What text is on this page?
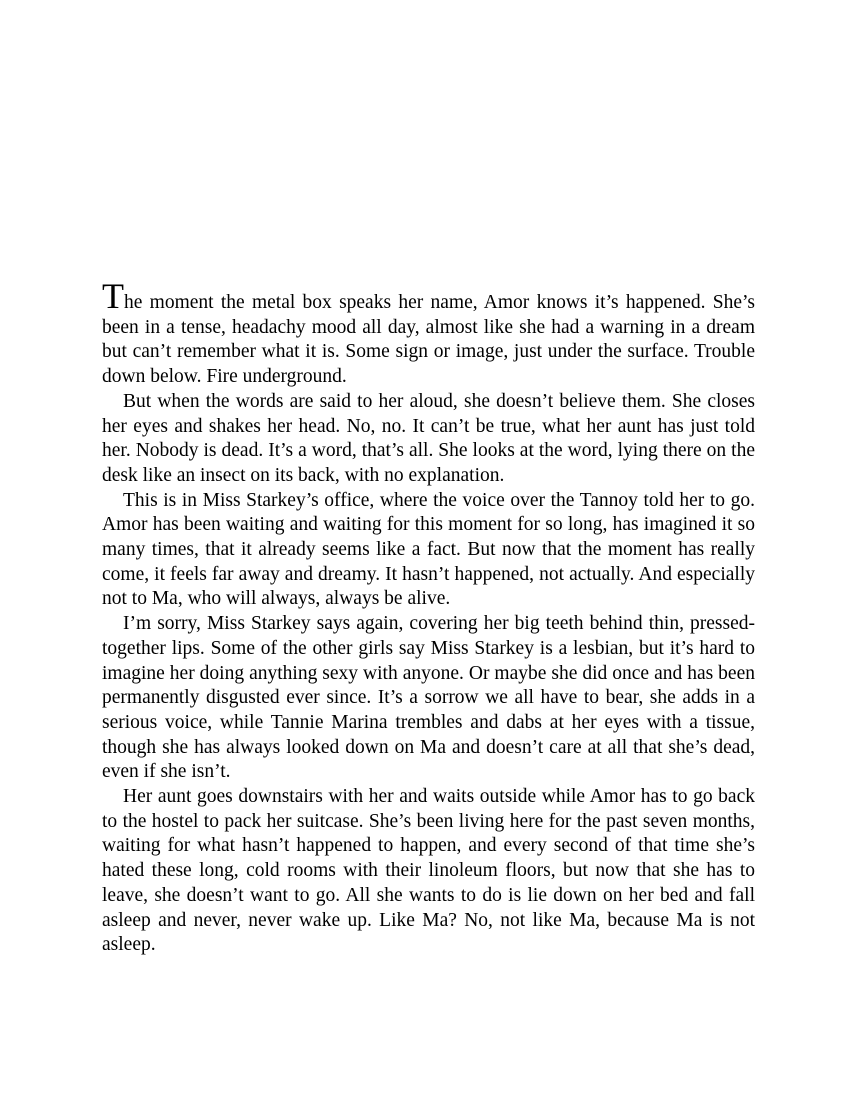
The moment the metal box speaks her name, Amor knows it’s happened. She’s been in a tense, headachy mood all day, almost like she had a warning in a dream but can’t remember what it is. Some sign or image, just under the surface. Trouble down below. Fire underground.

But when the words are said to her aloud, she doesn’t believe them. She closes her eyes and shakes her head. No, no. It can’t be true, what her aunt has just told her. Nobody is dead. It’s a word, that’s all. She looks at the word, lying there on the desk like an insect on its back, with no explanation.

This is in Miss Starkey’s office, where the voice over the Tannoy told her to go. Amor has been waiting and waiting for this moment for so long, has imagined it so many times, that it already seems like a fact. But now that the moment has really come, it feels far away and dreamy. It hasn’t happened, not actually. And especially not to Ma, who will always, always be alive.

I’m sorry, Miss Starkey says again, covering her big teeth behind thin, pressed-together lips. Some of the other girls say Miss Starkey is a lesbian, but it’s hard to imagine her doing anything sexy with anyone. Or maybe she did once and has been permanently disgusted ever since. It’s a sorrow we all have to bear, she adds in a serious voice, while Tannie Marina trembles and dabs at her eyes with a tissue, though she has always looked down on Ma and doesn’t care at all that she’s dead, even if she isn’t.

Her aunt goes downstairs with her and waits outside while Amor has to go back to the hostel to pack her suitcase. She’s been living here for the past seven months, waiting for what hasn’t happened to happen, and every second of that time she’s hated these long, cold rooms with their linoleum floors, but now that she has to leave, she doesn’t want to go. All she wants to do is lie down on her bed and fall asleep and never, never wake up. Like Ma? No, not like Ma, because Ma is not asleep.
